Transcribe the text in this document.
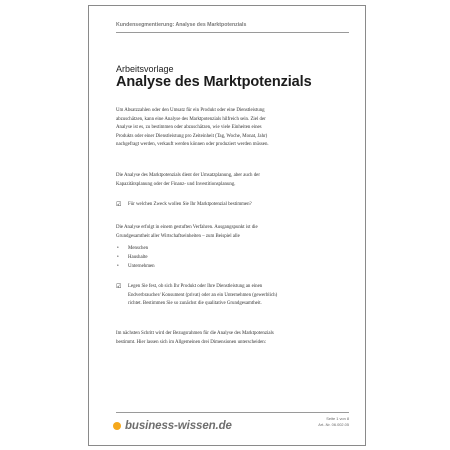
Kundensegmentierung: Analyse des Marktpotenzials
Arbeitsvorlage
Analyse des Marktpotenzials
Um Absatzzahlen oder den Umsatz für ein Produkt oder eine Dienstleistung abzuschätzen, kann eine Analyse des Marktpotenzials hilfreich sein. Ziel der Analyse ist es, zu bestimmen oder abzuschätzen, wie viele Einheiten eines Produkts oder einer Dienstleistung pro Zeiteinheit (Tag, Woche, Monat, Jahr) nachgefragt werden, verkauft werden können oder produziert werden müssen.
Die Analyse des Marktpotenzials dient der Umsatzplanung, aber auch der Kapazitätsplanung oder der Finanz- und Investitionsplanung.
☑	Für welchen Zweck wollen Sie Ihr Marktpotenzial bestimmen?
Die Analyse erfolgt in einem gestuften Verfahren. Ausgangspunkt ist die Grundgesamtheit aller Wirtschaftseinheiten – zum Beispiel alle
• Menschen
• Haushalte
• Unternehmen
☑	Legen Sie fest, ob sich Ihr Produkt oder Ihre Dienstleistung an einen Endverbraucher/ Konsument (privat) oder an ein Unternehmen (gewerblich) richtet. Bestimmen Sie so zunächst die qualitative Grundgesamtheit.
Im nächsten Schritt wird der Bezugsrahmen für die Analyse des Marktpotenzials bestimmt. Hier lassen sich im Allgemeinen drei Dimensionen unterscheiden:
business-wissen.de
Seite 1 von 8
Art.-Nr. 06.002.05
